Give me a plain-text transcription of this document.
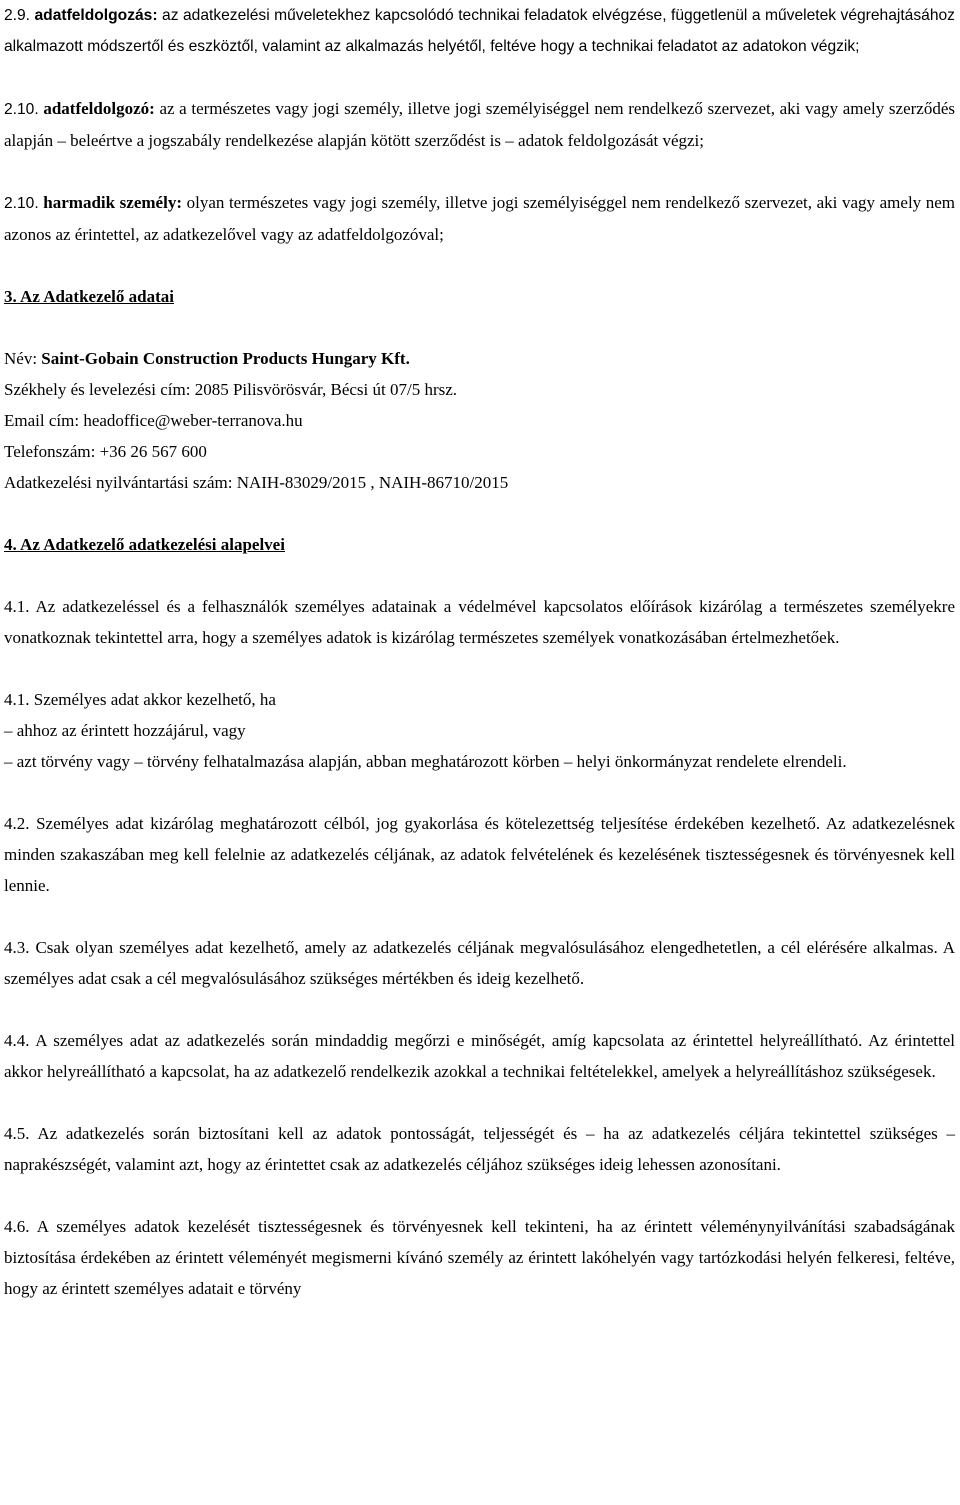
2.9. adatfeldolgozás: az adatkezelési műveletekhez kapcsolódó technikai feladatok elvégzése, függetlenül a műveletek végrehajtásához alkalmazott módszertől és eszköztől, valamint az alkalmazás helyétől, feltéve hogy a technikai feladatot az adatokon végzik;

2.10. adatfeldolgozó: az a természetes vagy jogi személy, illetve jogi személyiséggel nem rendelkező szervezet, aki vagy amely szerződés alapján – beleértve a jogszabály rendelkezése alapján kötött szerződést is – adatok feldolgozását végzi;

2.10. harmadik személy: olyan természetes vagy jogi személy, illetve jogi személyiséggel nem rendelkező szervezet, aki vagy amely nem azonos az érintettel, az adatkezelővel vagy az adatfeldolgozóval;

3. Az Adatkezelő adatai

Név: Saint-Gobain Construction Products Hungary Kft.

Székhely és levelezési cím: 2085 Pilisvörösvár, Bécsi út 07/5 hrsz.

Email cím: headoffice@weber-terranova.hu

Telefonszám: +36 26 567 600

Adatkezelési nyilvántartási szám: NAIH-83029/2015 , NAIH-86710/2015

4. Az Adatkezelő adatkezelési alapelvei

4.1. Az adatkezeléssel és a felhasználók személyes adatainak a védelmével kapcsolatos előírások kizárólag a természetes személyekre vonatkoznak tekintettel arra, hogy a személyes adatok is kizárólag természetes személyek vonatkozásában értelmezhetőek.

4.1. Személyes adat akkor kezelhető, ha

– ahhoz az érintett hozzájárul, vagy

– azt törvény vagy – törvény felhatalmazása alapján, abban meghatározott körben – helyi önkormányzat rendelete elrendeli.

4.2. Személyes adat kizárólag meghatározott célból, jog gyakorlása és kötelezettség teljesítése érdekében kezelhető. Az adatkezelésnek minden szakaszában meg kell felelnie az adatkezelés céljának, az adatok felvételének és kezelésének tisztességesnek és törvényesnek kell lennie.

4.3. Csak olyan személyes adat kezelhető, amely az adatkezelés céljának megvalósulásához elengedhetetlen, a cél elérésére alkalmas. A személyes adat csak a cél megvalósulásához szükséges mértékben és ideig kezelhető.

4.4. A személyes adat az adatkezelés során mindaddig megőrzi e minőségét, amíg kapcsolata az érintettel helyreállítható. Az érintettel akkor helyreállítható a kapcsolat, ha az adatkezelő rendelkezik azokkal a technikai feltételekkel, amelyek a helyreállításhoz szükségesek.

4.5. Az adatkezelés során biztosítani kell az adatok pontosságát, teljességét és – ha az adatkezelés céljára tekintettel szükséges – naprakészségét, valamint azt, hogy az érintettet csak az adatkezelés céljához szükséges ideig lehessen azonosítani.

4.6. A személyes adatok kezelését tisztességesnek és törvényesnek kell tekinteni, ha az érintett véleménynyilvánítási szabadságának biztosítása érdekében az érintett véleményét megismerni kívánó személy az érintett lakóhelyén vagy tartózkodási helyén felkeresi, feltéve, hogy az érintett személyes adatait e törvény
